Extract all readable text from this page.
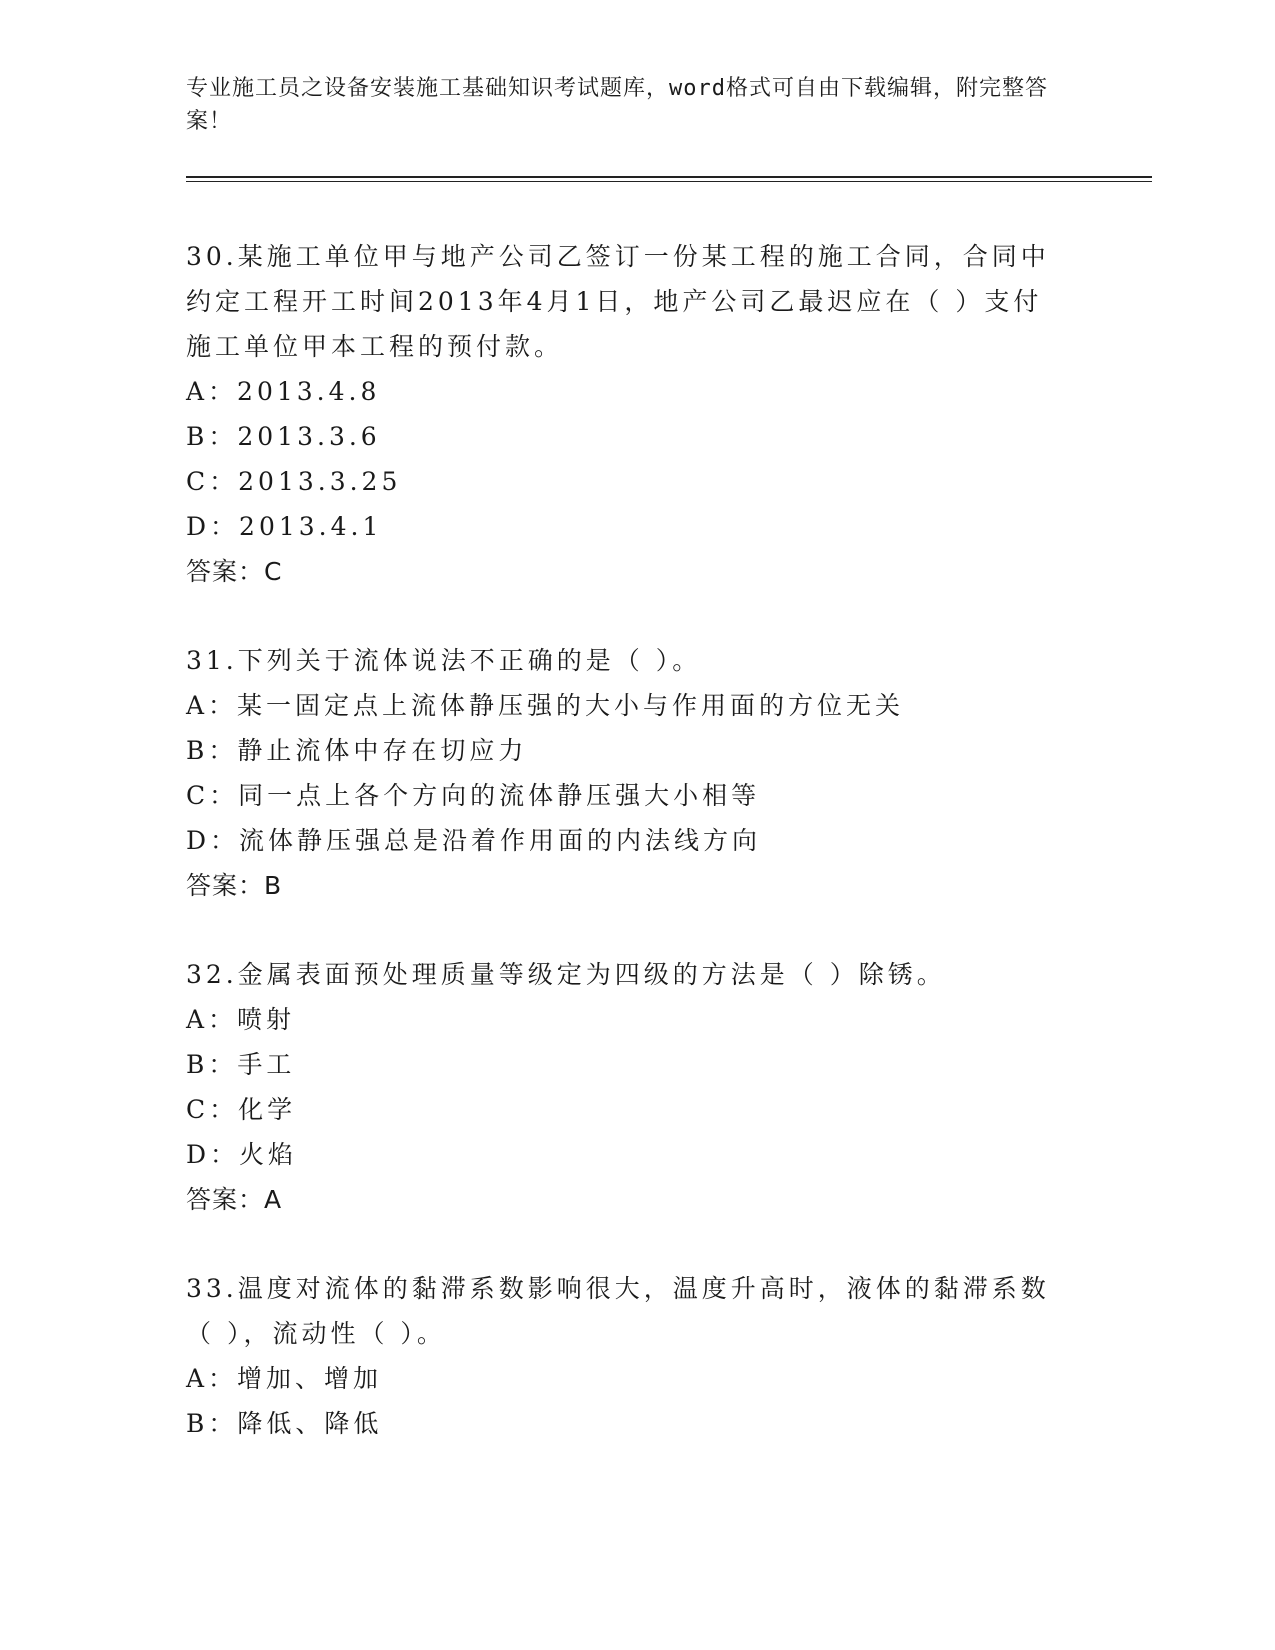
专业施工员之设备安装施工基础知识考试题库，word格式可自由下载编辑，附完整答案！

30.某施工单位甲与地产公司乙签订一份某工程的施工合同，合同中约定工程开工时间2013年4月1日，地产公司乙最迟应在（ ）支付施工单位甲本工程的预付款。

A：2013.4.8

B：2013.3.6

C：2013.3.25

D：2013.4.1

答案：C

31.下列关于流体说法不正确的是（ ）。

A：某一固定点上流体静压强的大小与作用面的方位无关

B：静止流体中存在切应力

C：同一点上各个方向的流体静压强大小相等

D：流体静压强总是沿着作用面的内法线方向

答案：B

32.金属表面预处理质量等级定为四级的方法是（ ）除锈。

A：喷射

B：手工

C：化学

D：火焰

答案：A

33.温度对流体的黏滞系数影响很大，温度升高时，液体的黏滞系数（ ），流动性（ ）。

A：增加、增加

B：降低、降低
